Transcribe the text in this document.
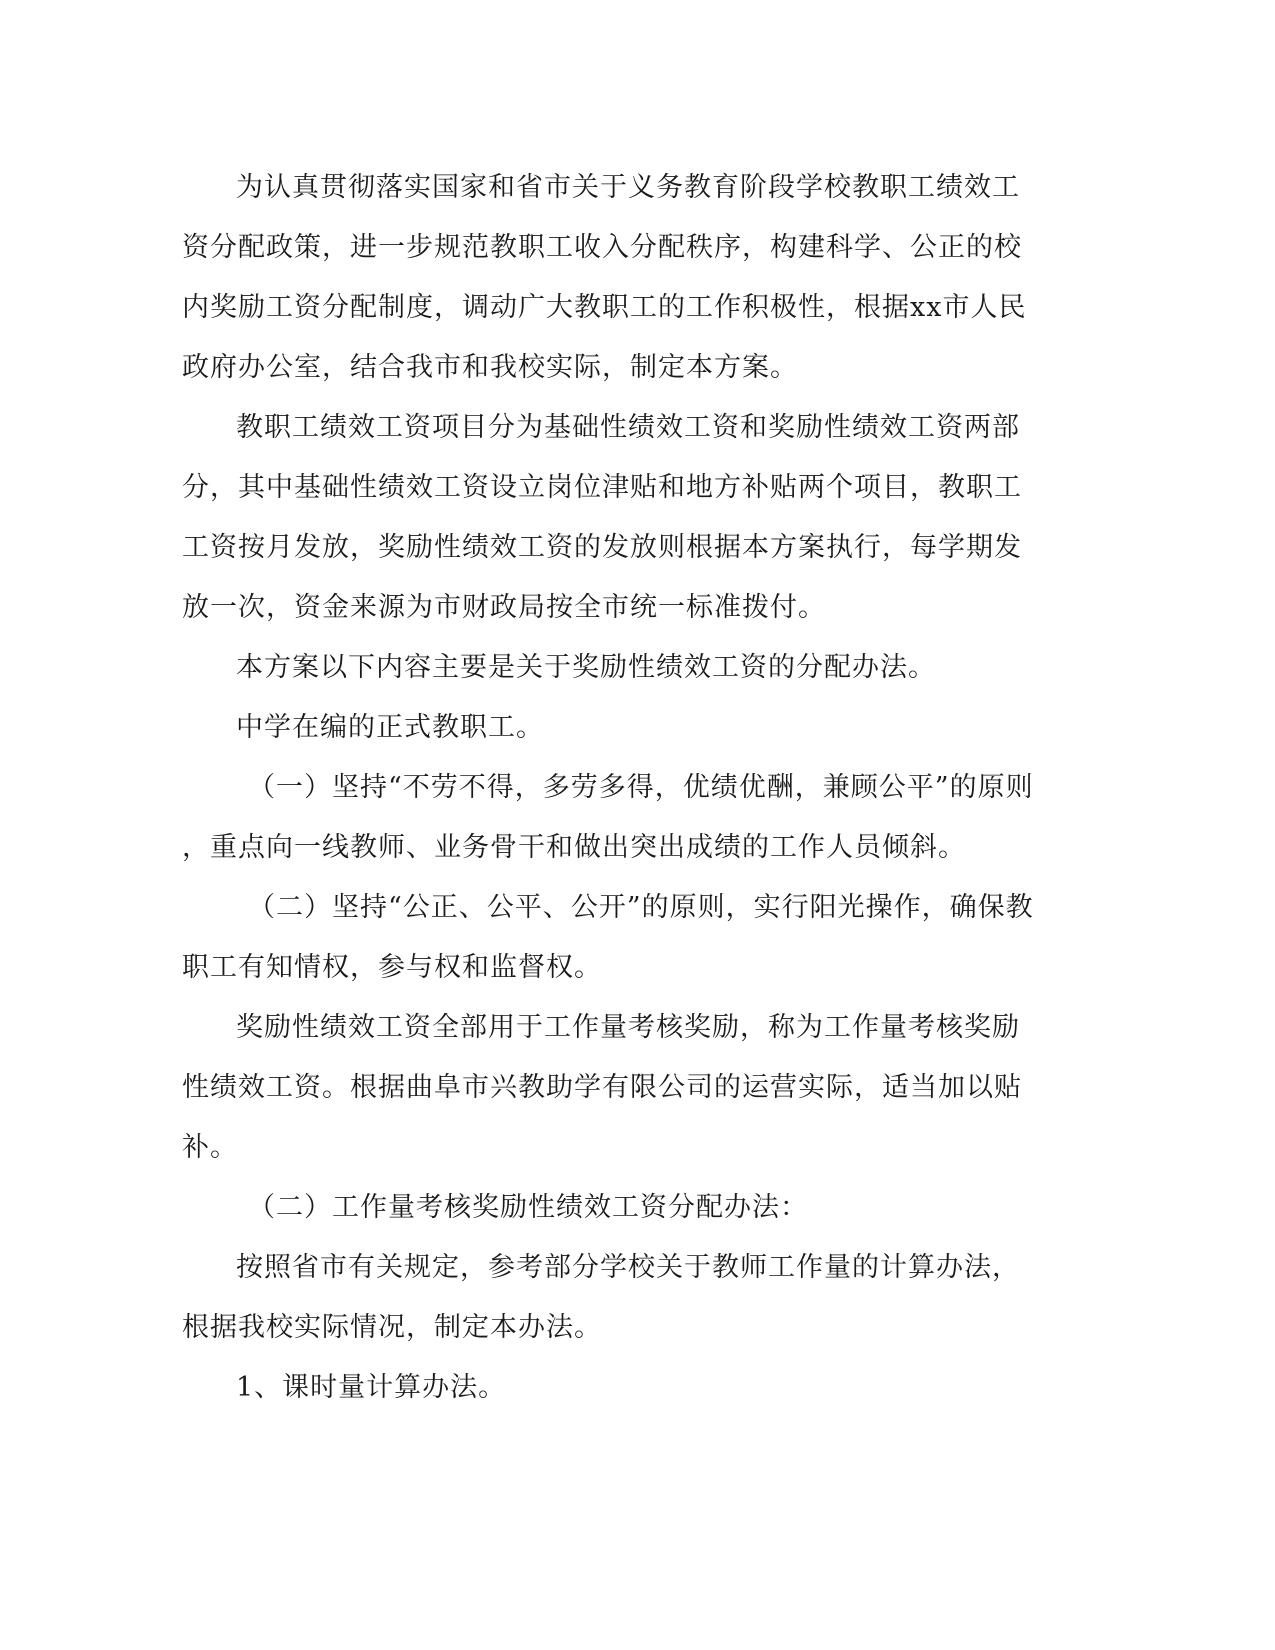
为认真贯彻落实国家和省市关于义务教育阶段学校教职工绩效工
资分配政策，进一步规范教职工收入分配秩序，构建科学、公正的校
内奖励工资分配制度，调动广大教职工的工作积极性，根据xx市人民
政府办公室，结合我市和我校实际，制定本方案。
教职工绩效工资项目分为基础性绩效工资和奖励性绩效工资两部
分，其中基础性绩效工资设立岗位津贴和地方补贴两个项目，教职工
工资按月发放，奖励性绩效工资的发放则根据本方案执行，每学期发
放一次，资金来源为市财政局按全市统一标准拨付。
本方案以下内容主要是关于奖励性绩效工资的分配办法。
中学在编的正式教职工。
（一）坚持“不劳不得，多劳多得，优绩优酬，兼顾公平”的原则
，重点向一线教师、业务骨干和做出突出成绩的工作人员倾斜。
（二）坚持“公正、公平、公开”的原则，实行阳光操作，确保教
职工有知情权，参与权和监督权。
奖励性绩效工资全部用于工作量考核奖励，称为工作量考核奖励
性绩效工资。根据曲阜市兴教助学有限公司的运营实际，适当加以贴
补。
（二）工作量考核奖励性绩效工资分配办法：
按照省市有关规定，参考部分学校关于教师工作量的计算办法，
根据我校实际情况，制定本办法。
1、课时量计算办法。
